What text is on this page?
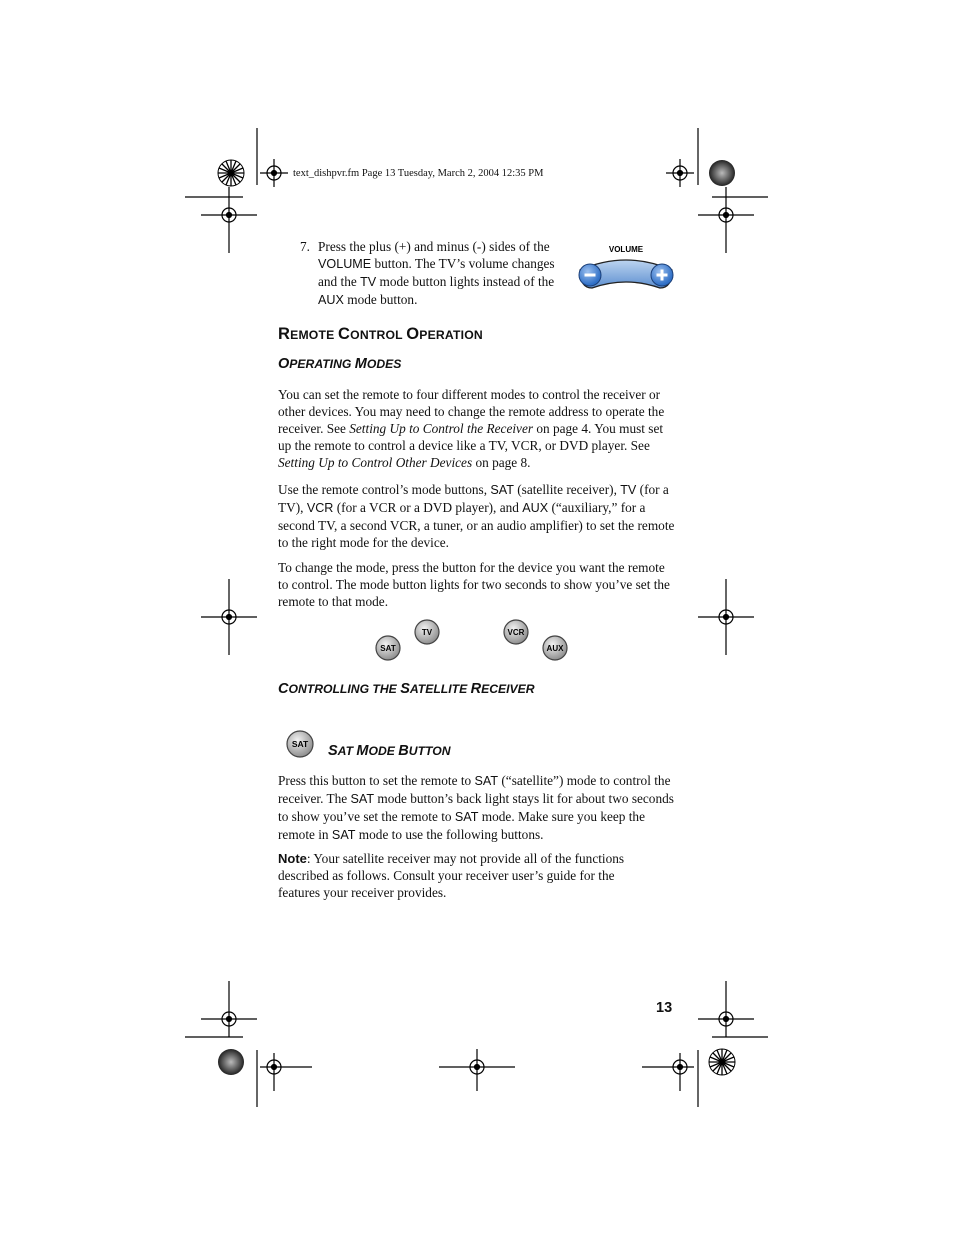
text_dishpvr.fm Page 13 Tuesday, March 2, 2004 12:35 PM
7. Press the plus (+) and minus (-) sides of the VOLUME button. The TV’s volume changes and the TV mode button lights instead of the AUX mode button.
VOLUME
REMOTE CONTROL OPERATION
OPERATING MODES

You can set the remote to four different modes to control the receiver or other devices. You may need to change the remote address to operate the receiver. See Setting Up to Control the Receiver on page 4. You must set up the remote to control a device like a TV, VCR, or DVD player. See Setting Up to Control Other Devices on page 8.

Use the remote control’s mode buttons, SAT (satellite receiver), TV (for a TV), VCR (for a VCR or a DVD player), and AUX (“auxiliary,” for a second TV, a second VCR, a tuner, or an audio amplifier) to set the remote to the right mode for the device.

To change the mode, press the button for the device you want the remote to control. The mode button lights for two seconds to show you’ve set the remote to that mode.

SAT
TV	VCR
AUX
CONTROLLING THE SATELLITE RECEIVER
SAT SAT MODE BUTTON

Press this button to set the remote to SAT (“satellite”) mode to control the receiver. The SAT mode button’s back light stays lit for about two seconds to show you’ve set the remote to SAT mode. Make sure you keep the remote in SAT mode to use the following buttons.

Note: Your satellite receiver may not provide all of the functions described as follows. Consult your receiver user’s guide for the features your receiver provides.

13
